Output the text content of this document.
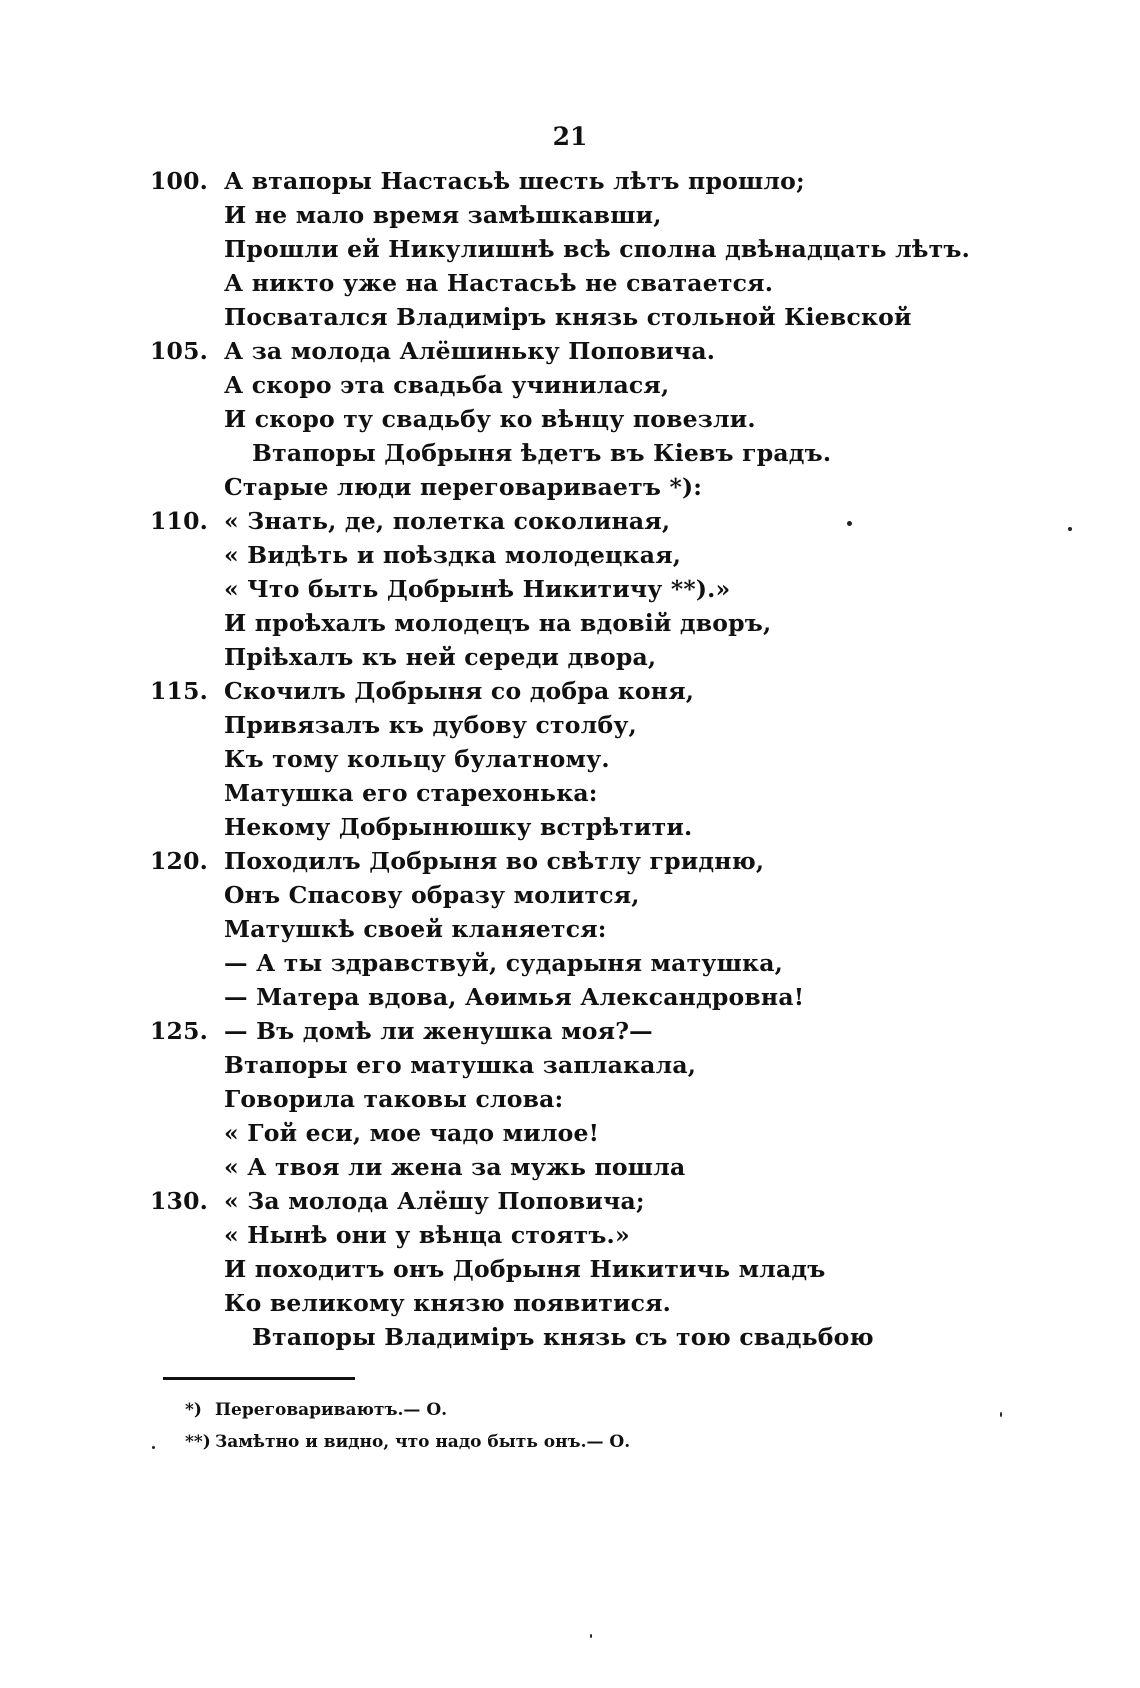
21
100. А втапоры Настасьѣ шесть лѣтъ прошло;
И не мало время замѣшкавши,
Прошли ей Никулишнѣ всѣ сполна двѣнадцать лѣтъ.
А никто уже на Настасьѣ не сватается.
Посватался Владимiръ князь стольной Кiевской
105. А за молода Алёшиньку Поповича.
А скоро эта свадьба учинилася,
И скоро ту свадьбу ко вѣнцу повезли.
Втапоры Добрыня ѣдетъ въ Кiевъ градъ.
Старые люди переговариваетъ *):
110. « Знать, де, полетка соколиная,
« Видѣть и поѣздка молодецкая,
« Что быть Добрынѣ Никитичу **).»
И проѣхалъ молодецъ на вдовiй дворъ,
Прiѣхалъ къ ней середи двора,
115. Скочилъ Добрыня со добра коня,
Привязалъ къ дубову столбу,
Къ тому кольцу булатному.
Матушка его старехонька:
Некому Добрынюшку встрѣтити.
120. Походилъ Добрыня во свѣтлу гридню,
Онъ Спасову образу молится,
Матушкѣ своей кланяется:
— А ты здравствуй, сударыня матушка,
— Матера вдова, Аѳимья Александровна!
125. — Въ домѣ ли женушка моя?—
Втапоры его матушка заплакала,
Говорила таковы слова:
« Гой еси, мое чадо милое!
« А твоя ли жена за мужь пошла
130. « За молода Алёшу Поповича;
« Нынѣ они у вѣнца стоятъ.»
И походитъ онъ Добрыня Никитичь младъ
Ко великому князю появитися.
Втапоры Владимiръ князь съ тою свадьбою
*) Переговариваютъ.— О.
**) Замѣтно и видно, что надо быть онъ.— О.
